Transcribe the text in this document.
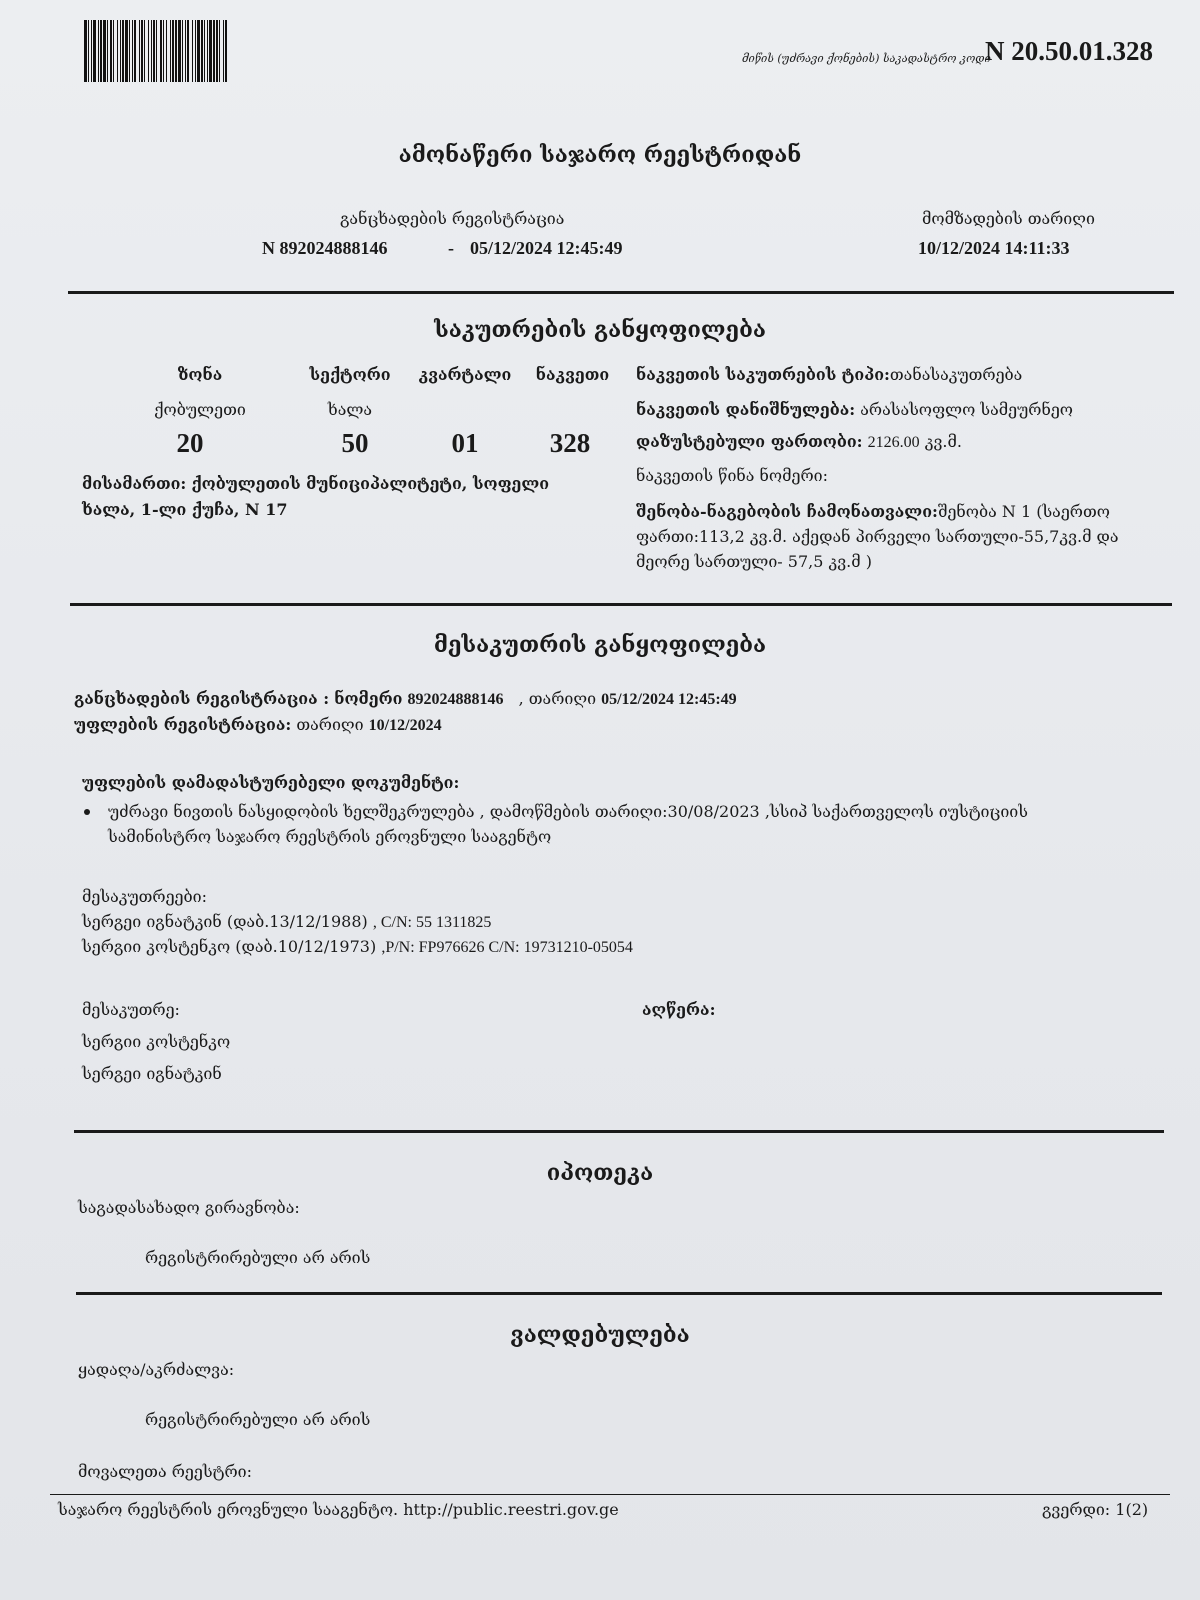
მიწის (უძრავი ქონების) საკადასტრო კოდი
N 20.50.01.328
ამონაწერი საჯარო რეესტრიდან
განცხადების რეგისტრაცია
N 892024888146	- 05/12/2024 12:45:49
მომზადების თარიღი
10/12/2024 14:11:33
საკუთრების განყოფილება
ზონა	სექტორი	კვარტალი	ნაკვეთი
ქობულეთი	ხალა
20	50	01	328
მისამართი: ქობულეთის მუნიციპალიტეტი, სოფელი
ხალა, 1-ლი ქუჩა, N 17
ნაკვეთის საკუთრების ტიპი:თანასაკუთრება
ნაკვეთის დანიშნულება: არასასოფლო სამეურნეო
დაზუსტებული ფართობი: 2126.00 კვ.მ.
ნაკვეთის წინა ნომერი:
შენობა-ნაგებობის ჩამონათვალი:შენობა N 1 (საერთო
ფართი:113,2 კვ.მ. აქედან პირველი სართული-55,7კვ.მ და
მეორე სართული- 57,5 კვ.მ )
მესაკუთრის განყოფილება
განცხადების რეგისტრაცია : ნომერი 892024888146 , თარიღი 05/12/2024 12:45:49
უფლების რეგისტრაცია: თარიღი 10/12/2024
უფლების დამადასტურებელი დოკუმენტი:
უძრავი ნივთის ნასყიდობის ხელშეკრულება , დამოწმების თარიღი:30/08/2023 ,სსიპ საქართველოს იუსტიციის
სამინისტრო საჯარო რეესტრის ეროვნული სააგენტო
მესაკუთრეები:
სერგეი იგნატკინ (დაბ.13/12/1988) , C/N: 55 1311825
სერგიი კოსტენკო (დაბ.10/12/1973) ,P/N: FP976626 C/N: 19731210-05054
მესაკუთრე:	აღწერა:
სერგიი კოსტენკო
სერგეი იგნატკინ
იპოთეკა
საგადასახადო გირავნობა:
რეგისტრირებული არ არის
ვალდებულება
ყადაღა/აკრძალვა:
რეგისტრირებული არ არის
მოვალეთა რეესტრი:
საჯარო რეესტრის ეროვნული სააგენტო. http://public.reestri.gov.ge	გვერდი: 1(2)
